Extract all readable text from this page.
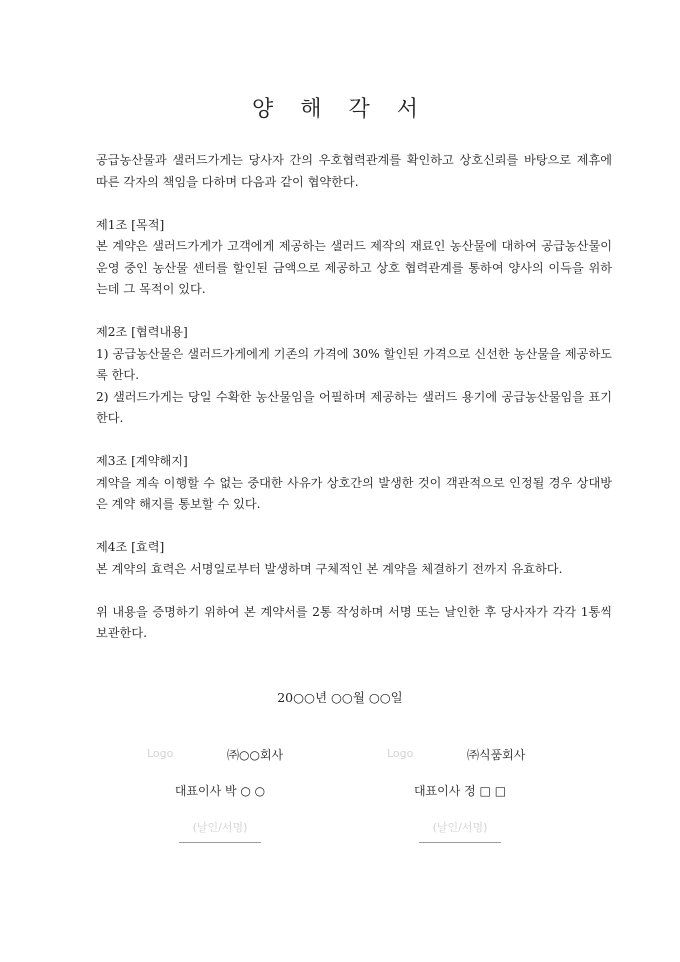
양 해 각 서

공급농산물과 샐러드가게는 당사자 간의 우호협력관계를 확인하고 상호신뢰를 바탕으로 제휴에 따른 각자의 책임을 다하며 다음과 같이 협약한다.

제1조 [목적]

본 계약은 샐러드가게가 고객에게 제공하는 샐러드 제작의 재료인 농산물에 대하여 공급농산물이 운영 중인 농산물 센터를 할인된 금액으로 제공하고 상호 협력관계를 통하여 양사의 이득을 위하는데 그 목적이 있다.

제2조 [협력내용]

1) 공급농산물은 샐러드가게에게 기존의 가격에 30% 할인된 가격으로 신선한 농산물을 제공하도록 한다.

2) 샐러드가게는 당일 수확한 농산물임을 어필하며 제공하는 샐러드 용기에 공급농산물임을 표기한다.

제3조 [계약해지]

계약을 계속 이행할 수 없는 중대한 사유가 상호간의 발생한 것이 객관적으로 인정될 경우 상대방은 계약 해지를 통보할 수 있다.

제4조 [효력]

본 계약의 효력은 서명일로부터 발생하며 구체적인 본 계약을 체결하기 전까지 유효하다.

위 내용을 증명하기 위하여 본 계약서를 2통 작성하며 서명 또는 날인한 후 당사자가 각각 1통씩 보관한다.

20○○년 ○○월 ○○일
Logo	㈜○○회사
대표이사 박 ○ ○
(날인/서명)
Logo	㈜식품회사
대표이사 정 □ □
(날인/서명)
